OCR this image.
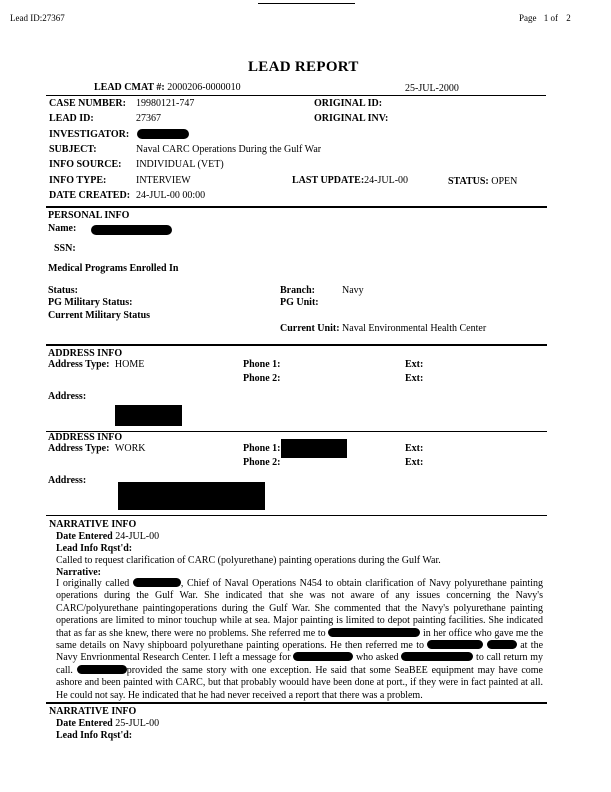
Lead ID:27367	Page 1 of 2
LEAD REPORT
LEAD CMAT #: 2000206-0000010	25-JUL-2000
CASE NUMBER: 19980121-747	ORIGINAL ID:
LEAD ID:	27367	ORIGINAL INV:
INVESTIGATOR:
SUBJECT:	Naval CARC Operations During the Gulf War
INFO SOURCE: INDIVIDUAL (VET)
INFO TYPE:	INTERVIEW	LAST UPDATE:24-JUL-00	STATUS: OPEN
DATE CREATED: 24-JUL-00 00:00
PERSONAL INFO
Name:
SSN:
Medical Programs Enrolled In
Status:	Branch:	Navy
PG Military Status:	PG Unit:
Current Military Status
Current Unit: Naval Environmental Health Center
ADDRESS INFO
Address Type: HOME	Phone 1:	Ext:
Phone 2:	Ext:
Address:
ADDRESS INFO
Address Type: WORK	Phone 1:	Ext:
Phone 2:	Ext:
Address:
NARRATIVE INFO
Date Entered 24-JUL-00
Lead Info Rqst'd:
Called to request clarification of CARC (polyurethane) painting operations during the Gulf War.
Narrative:
I originally called	, Chief of Naval Operations N454 to obtain clarification of Navy polyurethane painting operations during the Gulf War. She indicated that she was not aware of any issues concerning the Navy's CARC/polyurethane paintingoperations during the Gulf War. She commented that the Navy's polyurethane painting operations are limited to minor touchup while at sea. Major painting is limited to depot painting facilities. She indicated that as far as she knew, there were no problems. She referred me to	in her office who gave me the same details on Navy shipboard polyurethane painting operations. He then referred me to	at the Navy Envrionmental Research Center. I left a message for	who asked	to call return my call.	provided the same story with one exception. He said that some SeaBEE equipment may have come ashore and been painted with CARC, but that probably woould have been done at port., if they were in fact painted at all. He could not say. He indicated that he had never received a report that there was a problem.
NARRATIVE INFO
Date Entered 25-JUL-00
Lead Info Rqst'd:
